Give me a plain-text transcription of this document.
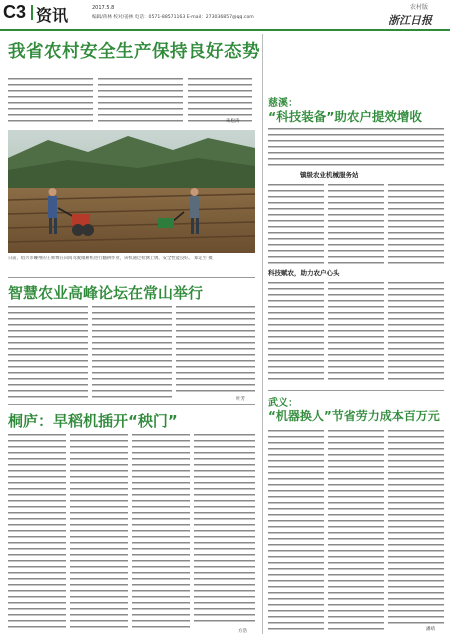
C3 资讯	2017.5.8
编辑/蒋林 校对/姜林 电话：0571-88571163 E-mail：273036857@qq.com
农村版
浙江日报
我省农村安全生产保持良好态势
朱松涛
日前，绍兴市嵊州的王师傅在田间驾驶微耕机进行翻耕作业，该机通过检测上牌，安全性能良好。 郑定至 摄
智慧农业高峰论坛在常山举行
叶芳
桐庐：早稻机插开“秧门”
方浩
慈溪：
“科技装备”助农户提效增收
镇级农业机械服务站
科技赋农，助力农户心头
武义：
“机器换人”节省劳力成本百万元
潘靖
